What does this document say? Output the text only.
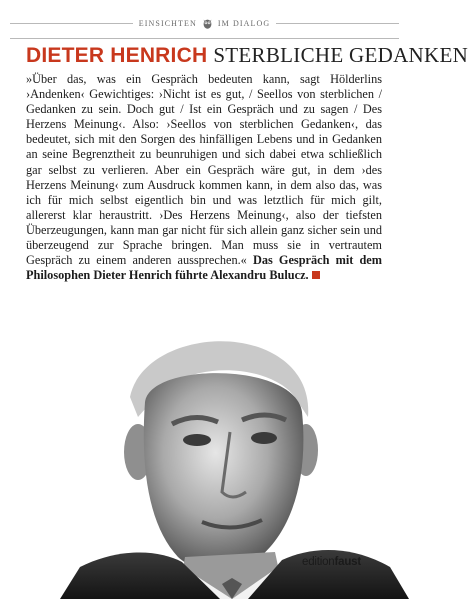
EINSICHTEN	IM DIALOG
DIETER HENRICH STERBLICHE GEDANKEN
»Über das, was ein Gespräch bedeuten kann, sagt Hölderlins ›Andenken‹ Gewichtiges: ›Nicht ist es gut, / Seellos von sterblichen / Gedanken zu sein. Doch gut / Ist ein Gespräch und zu sagen / Des Herzens Meinung‹. Also: ›Seellos von sterblichen Gedanken‹, das bedeutet, sich mit den Sorgen des hinfälligen Lebens und in Gedanken an seine Begrenztheit zu beunruhigen und sich dabei etwa schließlich gar selbst zu verlieren. Aber ein Gespräch wäre gut, in dem ›des Herzens Meinung‹ zum Ausdruck kommen kann, in dem also das, was ich für mich selbst eigentlich bin und was letztlich für mich gilt, allererst klar heraustritt. ›Des Herzens Meinung‹, also der tiefsten Überzeugungen, kann man gar nicht für sich allein ganz sicher sein und überzeugend zur Sprache bringen. Man muss sie in vertrautem Gespräch zu einem anderen aussprechen.« Das Gespräch mit dem Philosophen Dieter Henrich führte Alexandru Bulucz.
editionfaust
